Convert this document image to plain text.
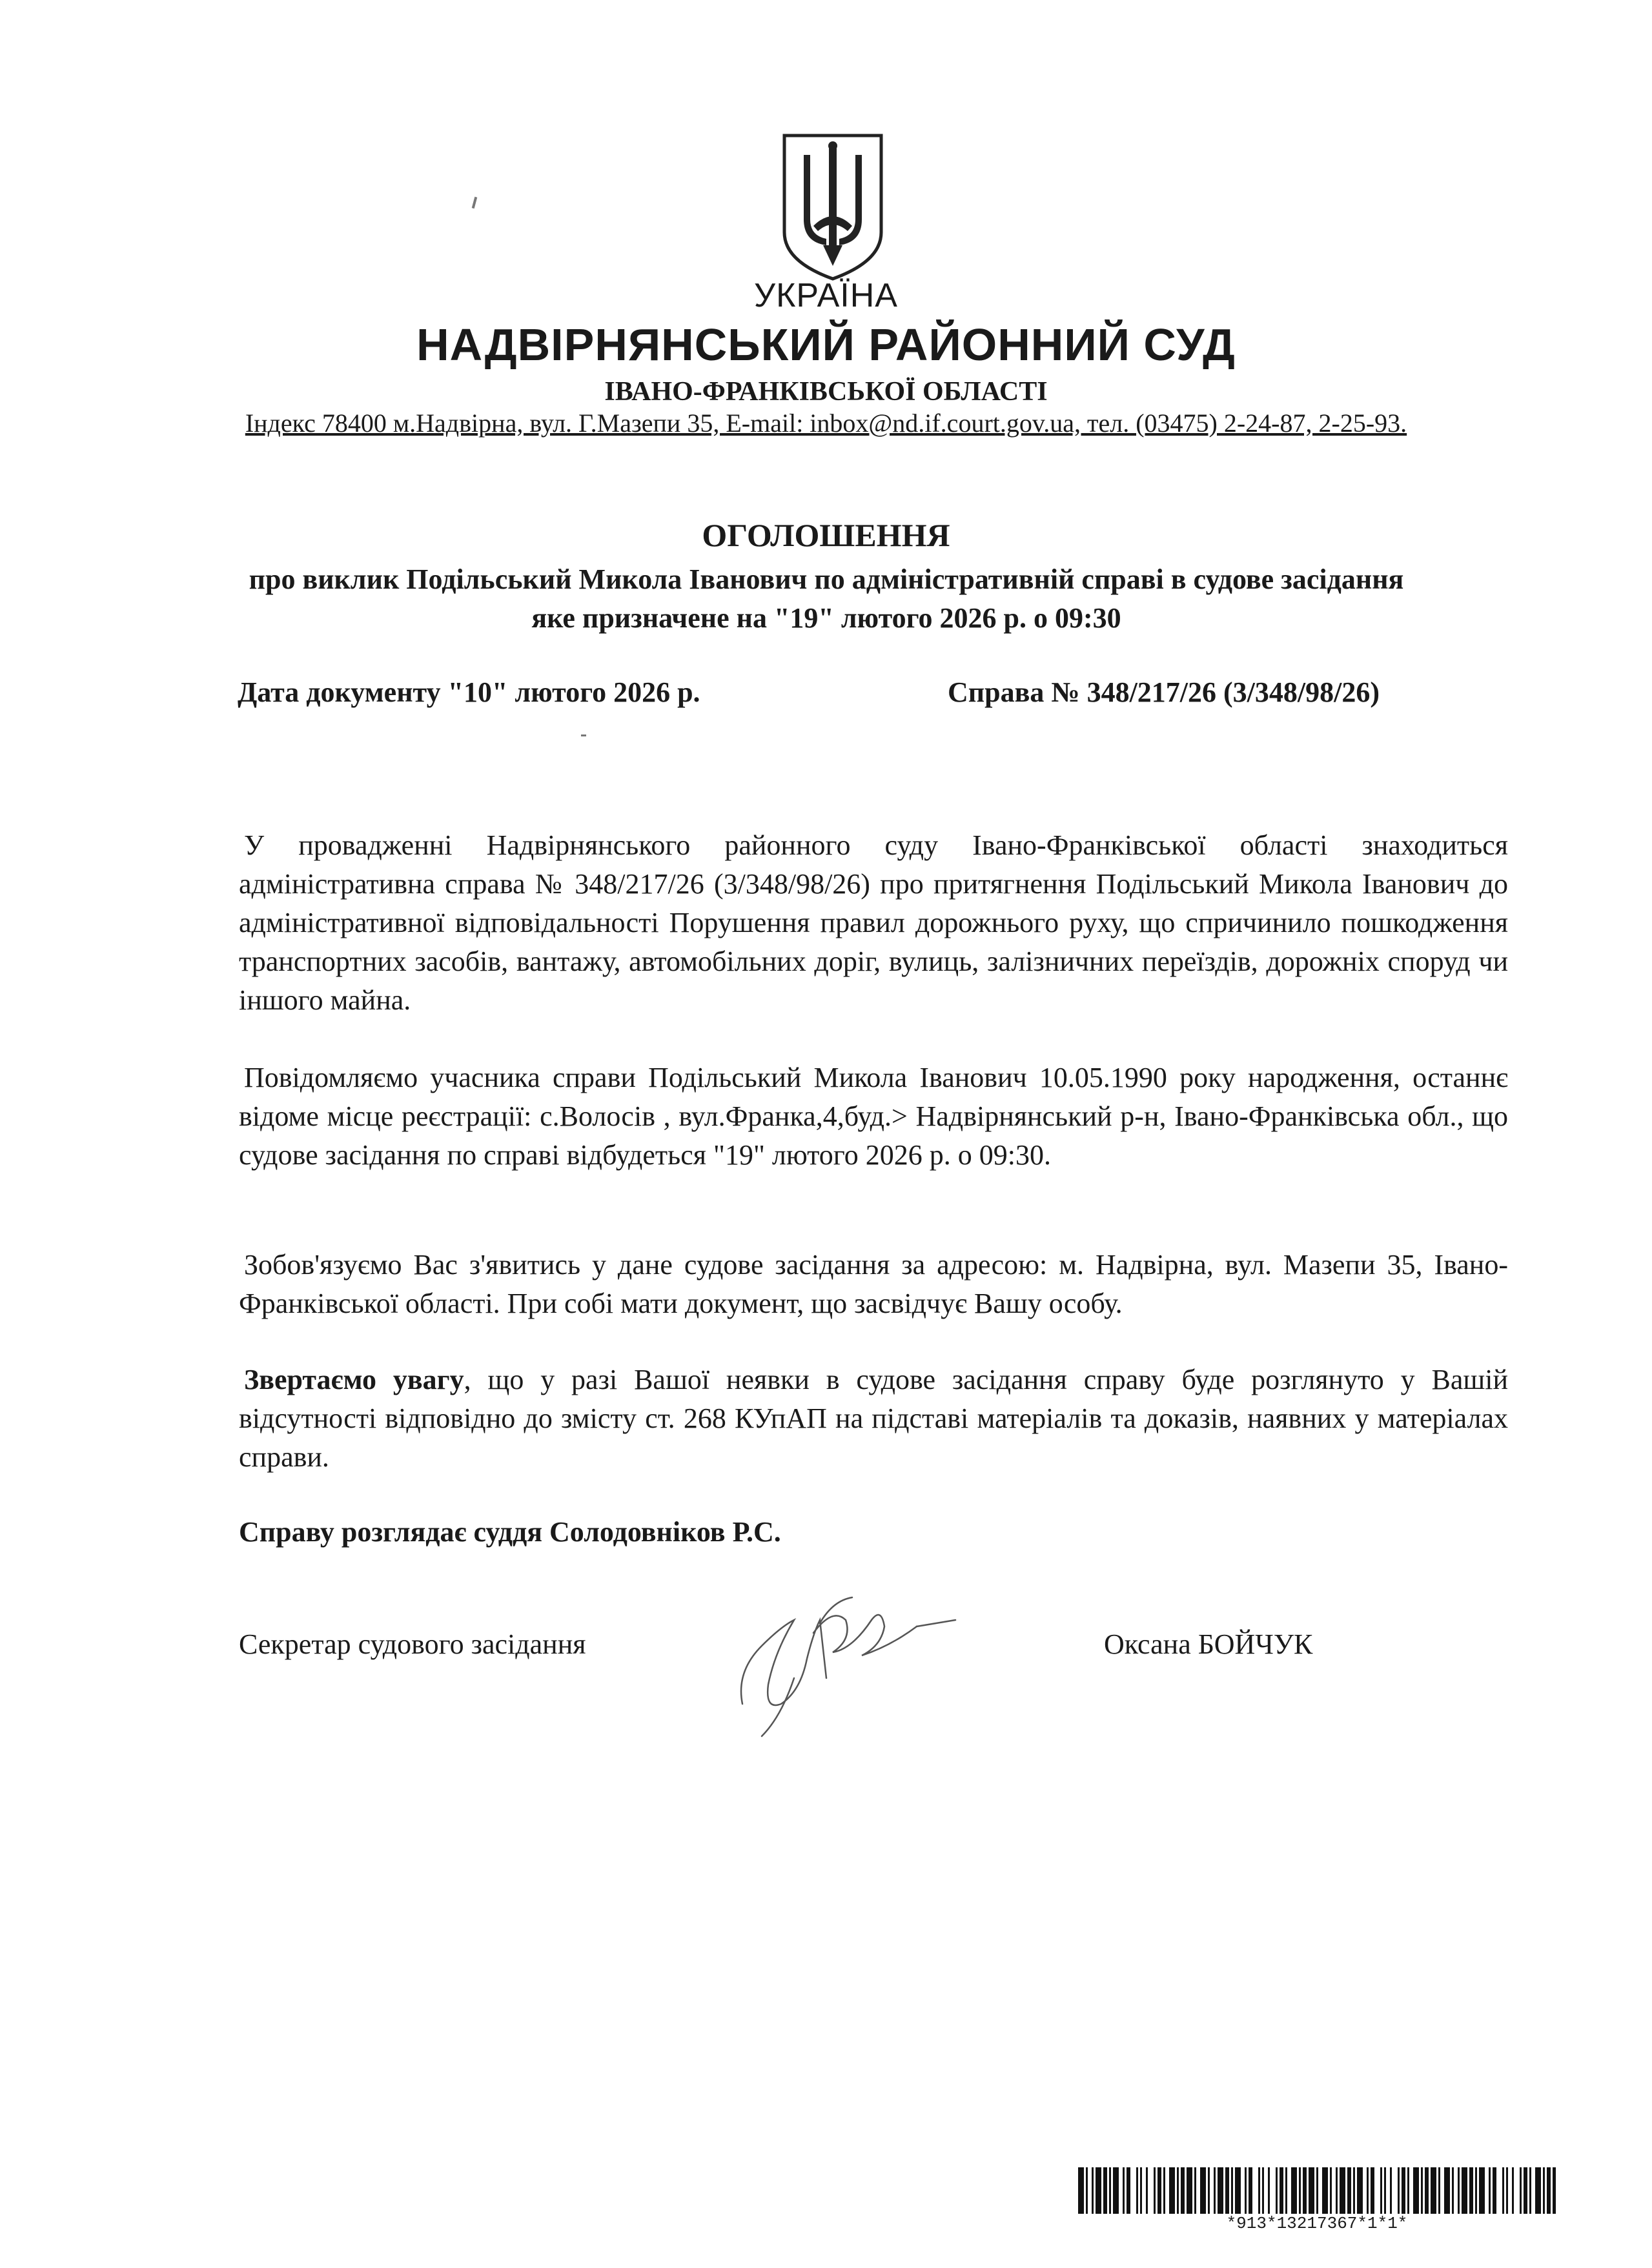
УКРАЇНА
НАДВІРНЯНСЬКИЙ РАЙОННИЙ СУД
ІВАНО-ФРАНКІВСЬКОЇ ОБЛАСТІ
Індекс 78400 м.Надвірна, вул. Г.Мазепи 35, E-mail: inbox@nd.if.court.gov.ua, тел. (03475) 2-24-87, 2-25-93.
ОГОЛОШЕННЯ
про виклик Подільський Микола Іванович по адміністративній справі в судове засідання яке призначене на "19" лютого 2026 р. о 09:30
Дата документу "10" лютого 2026 р.	Справа № 348/217/26 (3/348/98/26)
У провадженні Надвірнянського районного суду Івано-Франківської області знаходиться адміністративна справа № 348/217/26 (3/348/98/26) про притягнення Подільський Микола Іванович до адміністративної відповідальності Порушення правил дорожнього руху, що спричинило пошкодження транспортних засобів, вантажу, автомобільних доріг, вулиць, залізничних переїздів, дорожніх споруд чи іншого майна.
Повідомляємо учасника справи Подільський Микола Іванович 10.05.1990 року народження, останнє відоме місце реєстрації: с.Волосів , вул.Франка,4,буд.> Надвірнянський р-н, Івано-Франківська обл., що судове засідання по справі відбудеться "19" лютого 2026 р. о 09:30.
Зобов'язуємо Вас з'явитись у дане судове засідання за адресою: м. Надвірна, вул. Мазепи 35, Івано-Франківської області. При собі мати документ, що засвідчує Вашу особу.
Звертаємо увагу, що у разі Вашої неявки в судове засідання справу буде розглянуто у Вашій відсутності відповідно до змісту ст. 268 КУпАП на підставі матеріалів та доказів, наявних у матеріалах справи.
Справу розглядає суддя Солодовніков Р.С.
Секретар судового засідання	Оксана БОЙЧУК
*913*13217367*1*1*
